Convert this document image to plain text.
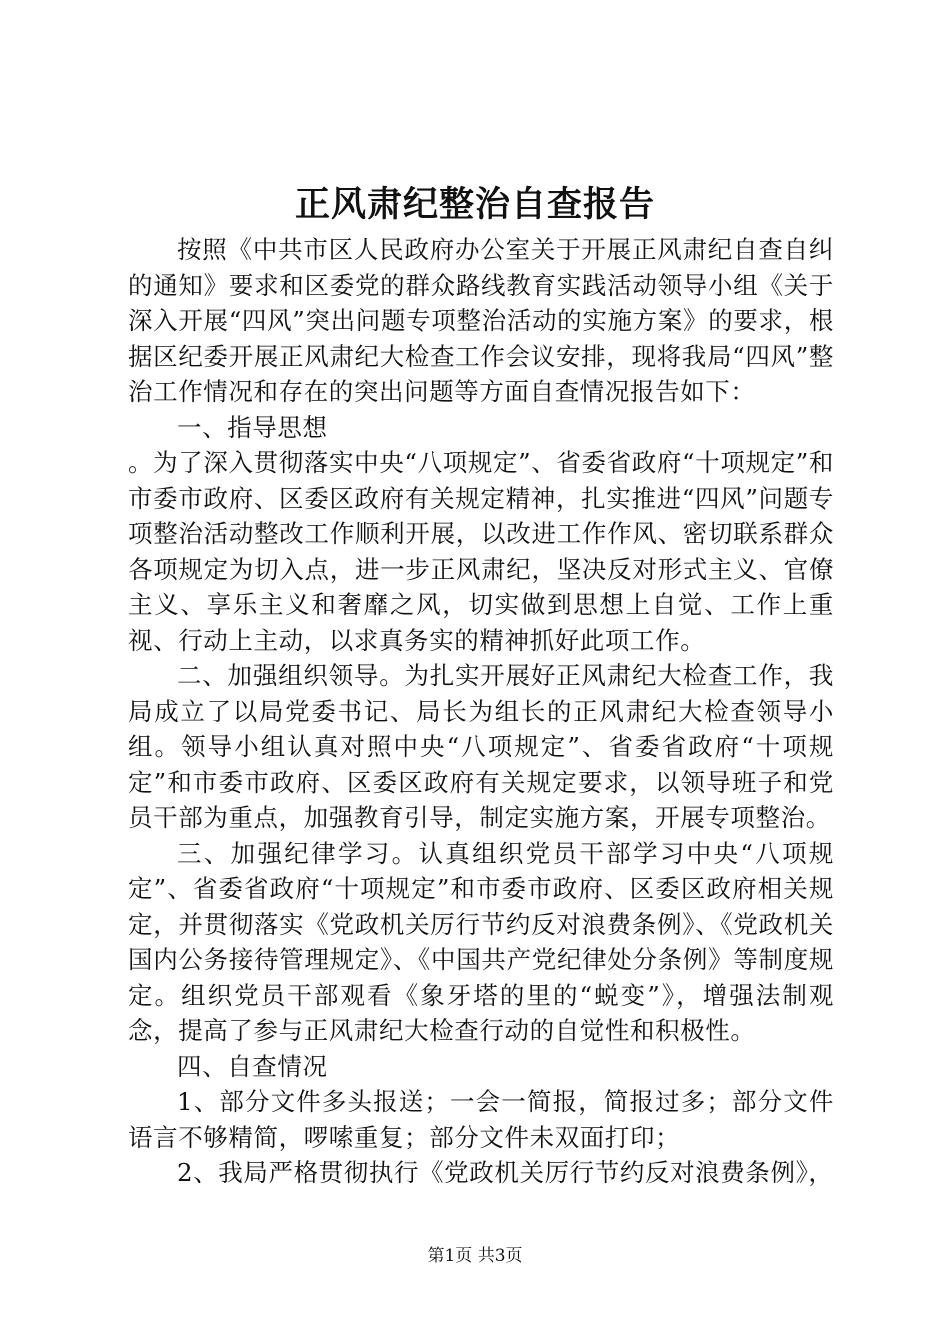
正风肃纪整治自查报告

按照《中共市区人民政府办公室关于开展正风肃纪自查自纠的通知》要求和区委党的群众路线教育实践活动领导小组《关于深入开展“四风”突出问题专项整治活动的实施方案》的要求，根据区纪委开展正风肃纪大检查工作会议安排，现将我局“四风”整治工作情况和存在的突出问题等方面自查情况报告如下：

一、指导思想

。为了深入贯彻落实中央“八项规定”、省委省政府“十项规定”和市委市政府、区委区政府有关规定精神，扎实推进“四风”问题专项整治活动整改工作顺利开展，以改进工作作风、密切联系群众各项规定为切入点，进一步正风肃纪，坚决反对形式主义、官僚主义、享乐主义和奢靡之风，切实做到思想上自觉、工作上重视、行动上主动，以求真务实的精神抓好此项工作。

二、加强组织领导。为扎实开展好正风肃纪大检查工作，我局成立了以局党委书记、局长为组长的正风肃纪大检查领导小组。领导小组认真对照中央“八项规定”、省委省政府“十项规定”和市委市政府、区委区政府有关规定要求，以领导班子和党员干部为重点，加强教育引导，制定实施方案，开展专项整治。

三、加强纪律学习。认真组织党员干部学习中央“八项规定”、省委省政府“十项规定”和市委市政府、区委区政府相关规定，并贯彻落实《党政机关厉行节约反对浪费条例》、《党政机关国内公务接待管理规定》、《中国共产党纪律处分条例》等制度规定。组织党员干部观看《象牙塔的里的“蜕变”》，增强法制观念，提高了参与正风肃纪大检查行动的自觉性和积极性。

四、自查情况

1、部分文件多头报送；一会一简报，简报过多；部分文件语言不够精简，啰嗦重复；部分文件未双面打印；

2、我局严格贯彻执行《党政机关厉行节约反对浪费条例》，

第1页 共3页
